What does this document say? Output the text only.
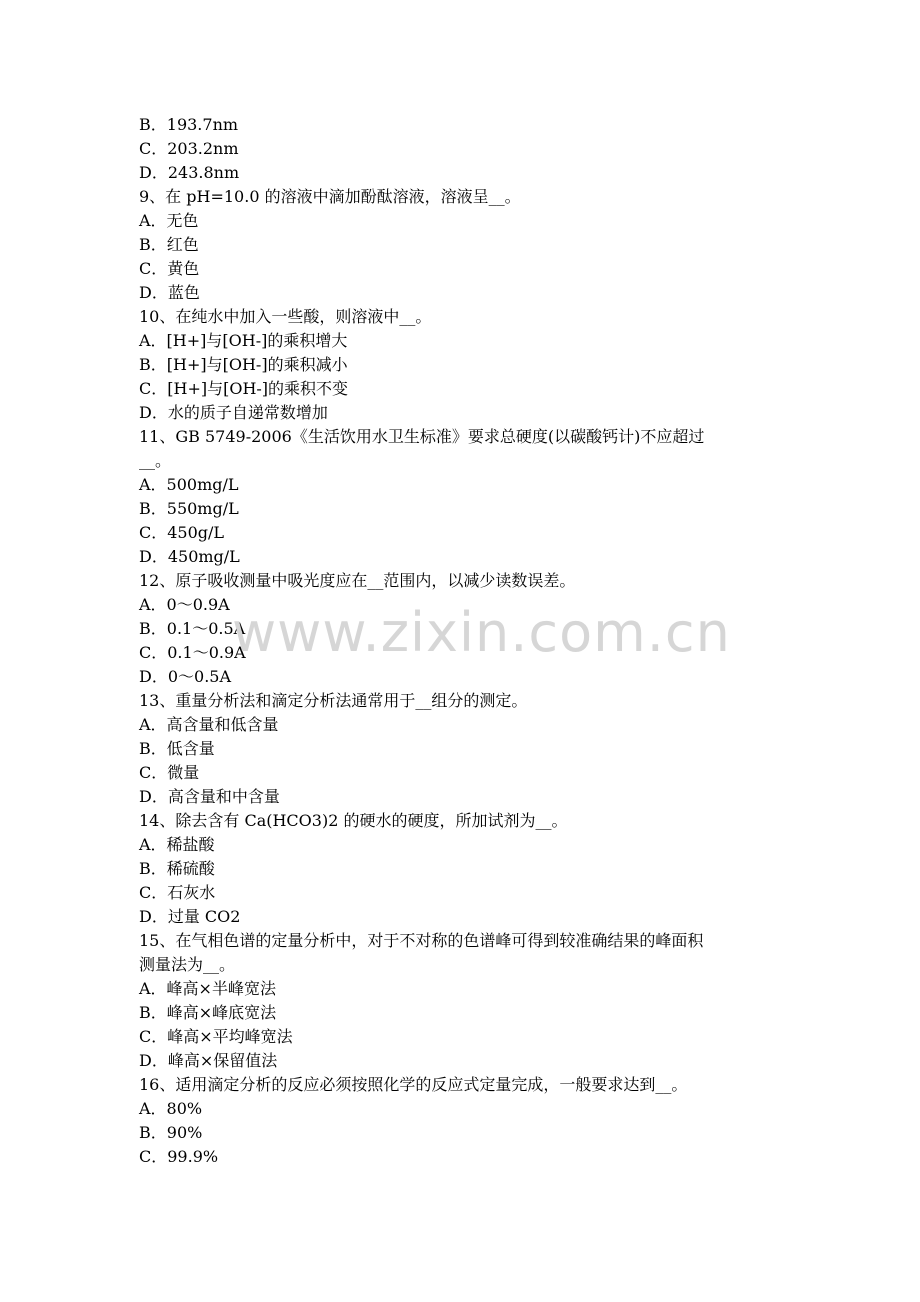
B．193.7nm
C．203.2nm
D．243.8nm
9、在 pH=10.0 的溶液中滴加酚酞溶液，溶液呈__。
A．无色
B．红色
C．黄色
D．蓝色
10、在纯水中加入一些酸，则溶液中__。
A．[H+]与[OH-]的乘积增大
B．[H+]与[OH-]的乘积减小
C．[H+]与[OH-]的乘积不变
D．水的质子自递常数增加
11、GB 5749-2006《生活饮用水卫生标准》要求总硬度(以碳酸钙计)不应超过
__。
A．500mg/L
B．550mg/L
C．450g/L
D．450mg/L
12、原子吸收测量中吸光度应在__范围内，以减少读数误差。
A．0～0.9A
B．0.1～0.5A
C．0.1～0.9A
D．0～0.5A
13、重量分析法和滴定分析法通常用于__组分的测定。
A．高含量和低含量
B．低含量
C．微量
D．高含量和中含量
14、除去含有 Ca(HCO3)2 的硬水的硬度，所加试剂为__。
A．稀盐酸
B．稀硫酸
C．石灰水
D．过量 CO2
15、在气相色谱的定量分析中，对于不对称的色谱峰可得到较准确结果的峰面积
测量法为__。
A．峰高×半峰宽法
B．峰高×峰底宽法
C．峰高×平均峰宽法
D．峰高×保留值法
16、适用滴定分析的反应必须按照化学的反应式定量完成，一般要求达到__。
A．80%
B．90%
C．99.9%
www.zixin.com.cn
